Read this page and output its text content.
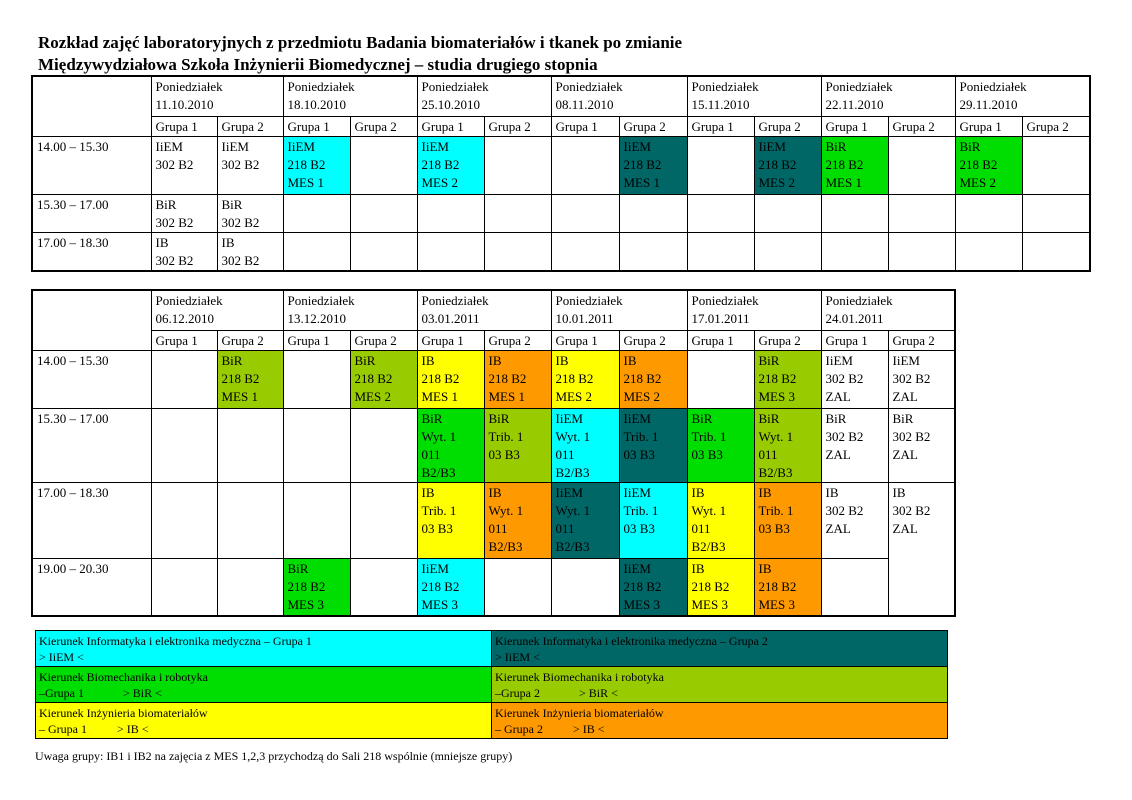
Rozkład zajęć laboratoryjnych z przedmiotu Badania biomateriałów i tkanek po zmianie
Międzywydziałowa Szkoła Inżynierii Biomedycznej – studia drugiego stopnia
	Poniedziałek
11.10.2010		Poniedziałek
18.10.2010		Poniedziałek
25.10.2010		Poniedziałek
08.11.2010		Poniedziałek
15.11.2010		Poniedziałek
22.11.2010		Poniedziałek
29.11.2010	
	Grupa 1	Grupa 2	Grupa 1	Grupa 2	Grupa 1	Grupa 2	Grupa 1	Grupa 2	Grupa 1	Grupa 2	Grupa 1	Grupa 2	Grupa 1	Grupa 2
14.00 – 15.30	IiEM
302 B2	IiEM
302 B2	IiEM
218 B2
MES 1		IiEM
218 B2
MES 2			IiEM
218 B2
MES 1		IiEM
218 B2
MES 2	BiR
218 B2
MES 1		BiR
218 B2
MES 2	
15.30 – 17.00	BiR
302 B2	BiR
302 B2												
17.00 – 18.30	IB
302 B2	IB
302 B2												
	Poniedziałek
06.12.2010		Poniedziałek
13.12.2010		Poniedziałek
03.01.2011		Poniedziałek
10.01.2011		Poniedziałek
17.01.2011		Poniedziałek
24.01.2011	
	Grupa 1	Grupa 2	Grupa 1	Grupa 2	Grupa 1	Grupa 2	Grupa 1	Grupa 2	Grupa 1	Grupa 2	Grupa 1	Grupa 2
14.00 – 15.30		BiR
218 B2
MES 1		BiR
218 B2
MES 2	IB
218 B2
MES 1	IB
218 B2
MES 1	IB
218 B2
MES 2	IB
218 B2
MES 2		BiR
218 B2
MES 3	IiEM
302 B2
ZAL	IiEM
302 B2
ZAL
15.30 – 17.00					BiR
Wyt. 1
011
B2/B3	BiR
Trib. 1
03 B3	IiEM
Wyt. 1
011
B2/B3	IiEM
Trib. 1
03 B3	BiR
Trib. 1
03 B3	BiR
Wyt. 1
011
B2/B3	BiR
302 B2
ZAL	BiR
302 B2
ZAL
17.00 – 18.30					IB
Trib. 1
03 B3	IB
Wyt. 1
011
B2/B3	IiEM
Wyt. 1
011
B2/B3	IiEM
Trib. 1
03 B3	IB
Wyt. 1
011
B2/B3	IB
Trib. 1
03 B3	IB
302 B2
ZAL	IB
302 B2
ZAL
19.00 – 20.30			BiR
218 B2
MES 3		IiEM
218 B2
MES 3			IiEM
218 B2
MES 3	IB
218 B2
MES 3	IB
218 B2
MES 3		
Kierunek Informatyka i elektronika medyczna – Grupa 1
> IiEM <	Kierunek Informatyka i elektronika medyczna – Grupa 2
> IiEM <
Kierunek Biomechanika i robotyka
–Grupa 1             > BiR <	Kierunek Biomechanika i robotyka
–Grupa 2             > BiR <
Kierunek Inżynieria biomateriałów
– Grupa 1          > IB <	Kierunek Inżynieria biomateriałów
– Grupa 2          > IB <
Uwaga grupy: IB1 i IB2 na zajęcia z MES 1,2,3 przychodzą do Sali 218 wspólnie (mniejsze grupy)
